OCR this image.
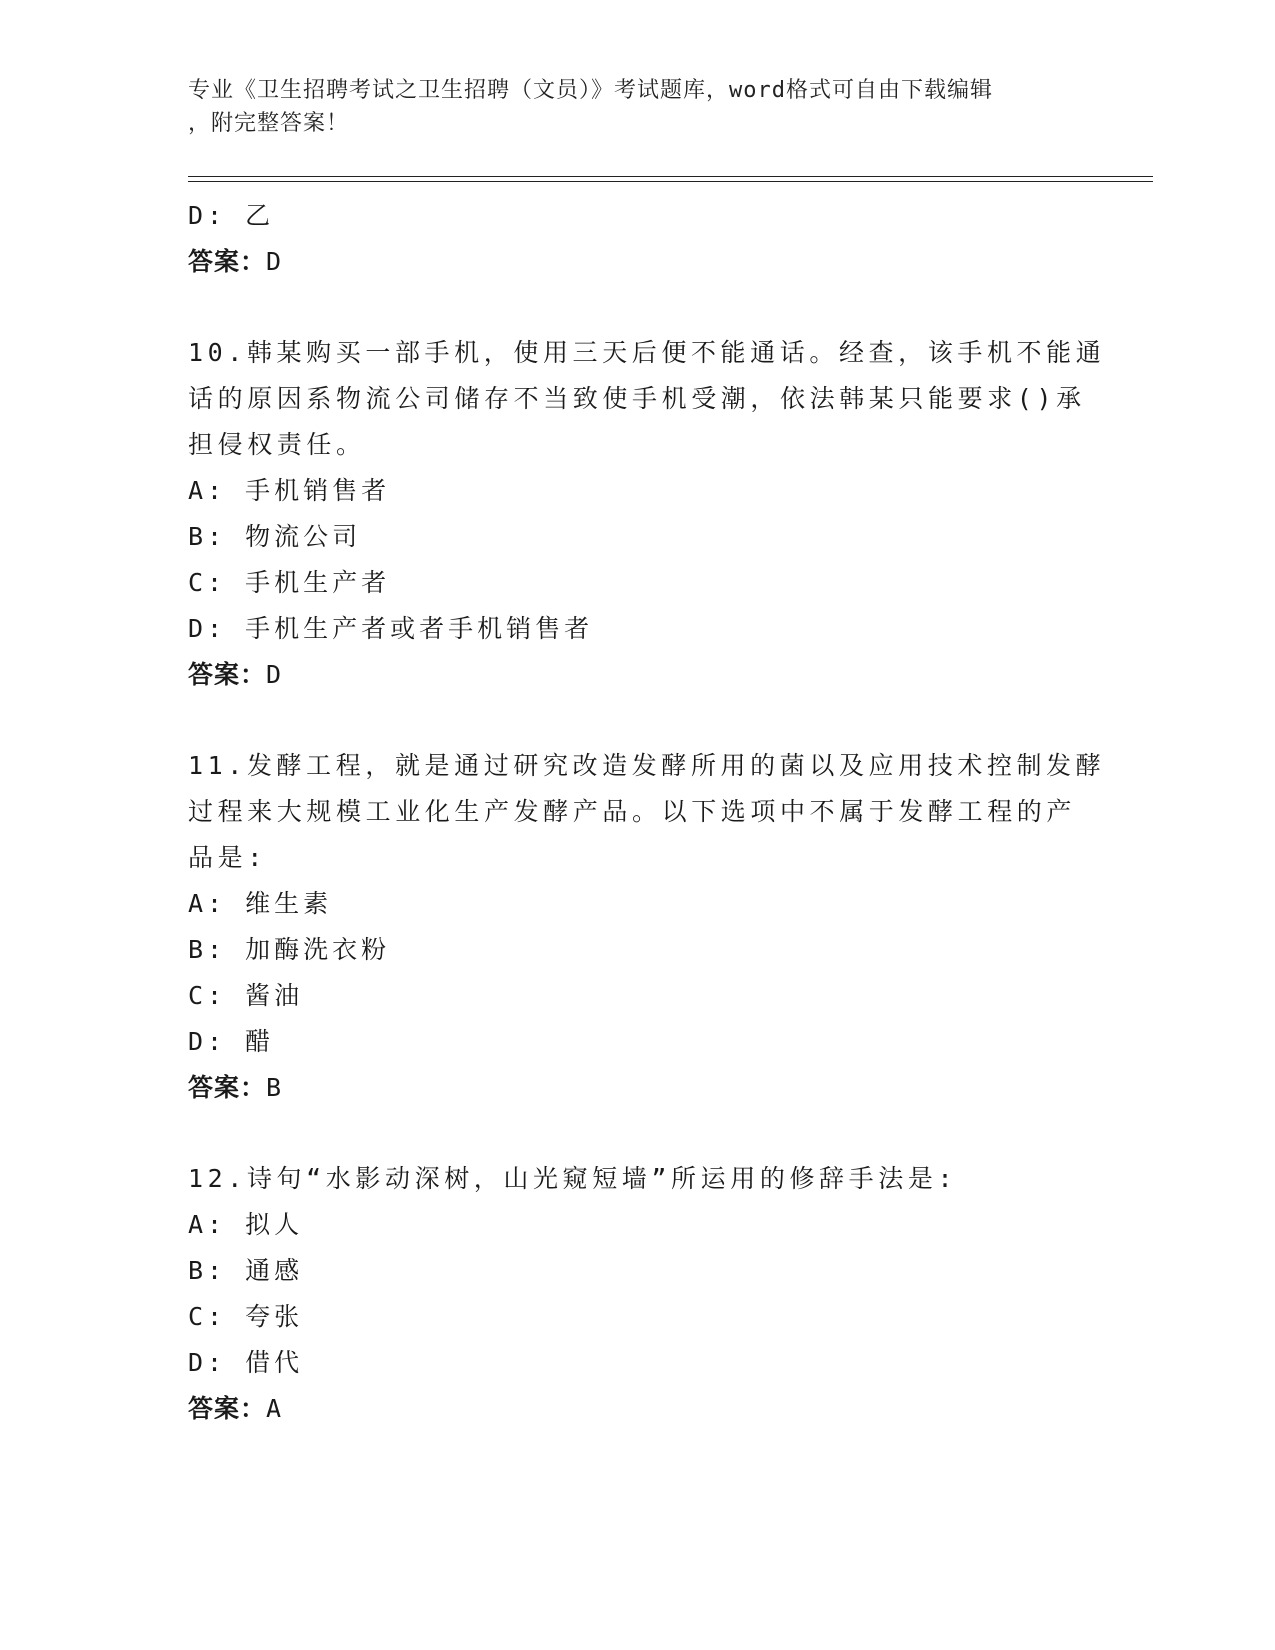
专业《卫生招聘考试之卫生招聘（文员）》考试题库，word格式可自由下载编辑
，附完整答案！
D: 乙
答案：D
10.韩某购买一部手机，使用三天后便不能通话。经查，该手机不能通
话的原因系物流公司储存不当致使手机受潮，依法韩某只能要求()承
担侵权责任。
A: 手机销售者
B: 物流公司
C: 手机生产者
D: 手机生产者或者手机销售者
答案：D
11.发酵工程，就是通过研究改造发酵所用的菌以及应用技术控制发酵
过程来大规模工业化生产发酵产品。以下选项中不属于发酵工程的产
品是:
A: 维生素
B: 加酶洗衣粉
C: 酱油
D: 醋
答案：B
12.诗句“水影动深树，山光窥短墙”所运用的修辞手法是:
A: 拟人
B: 通感
C: 夸张
D: 借代
答案：A
